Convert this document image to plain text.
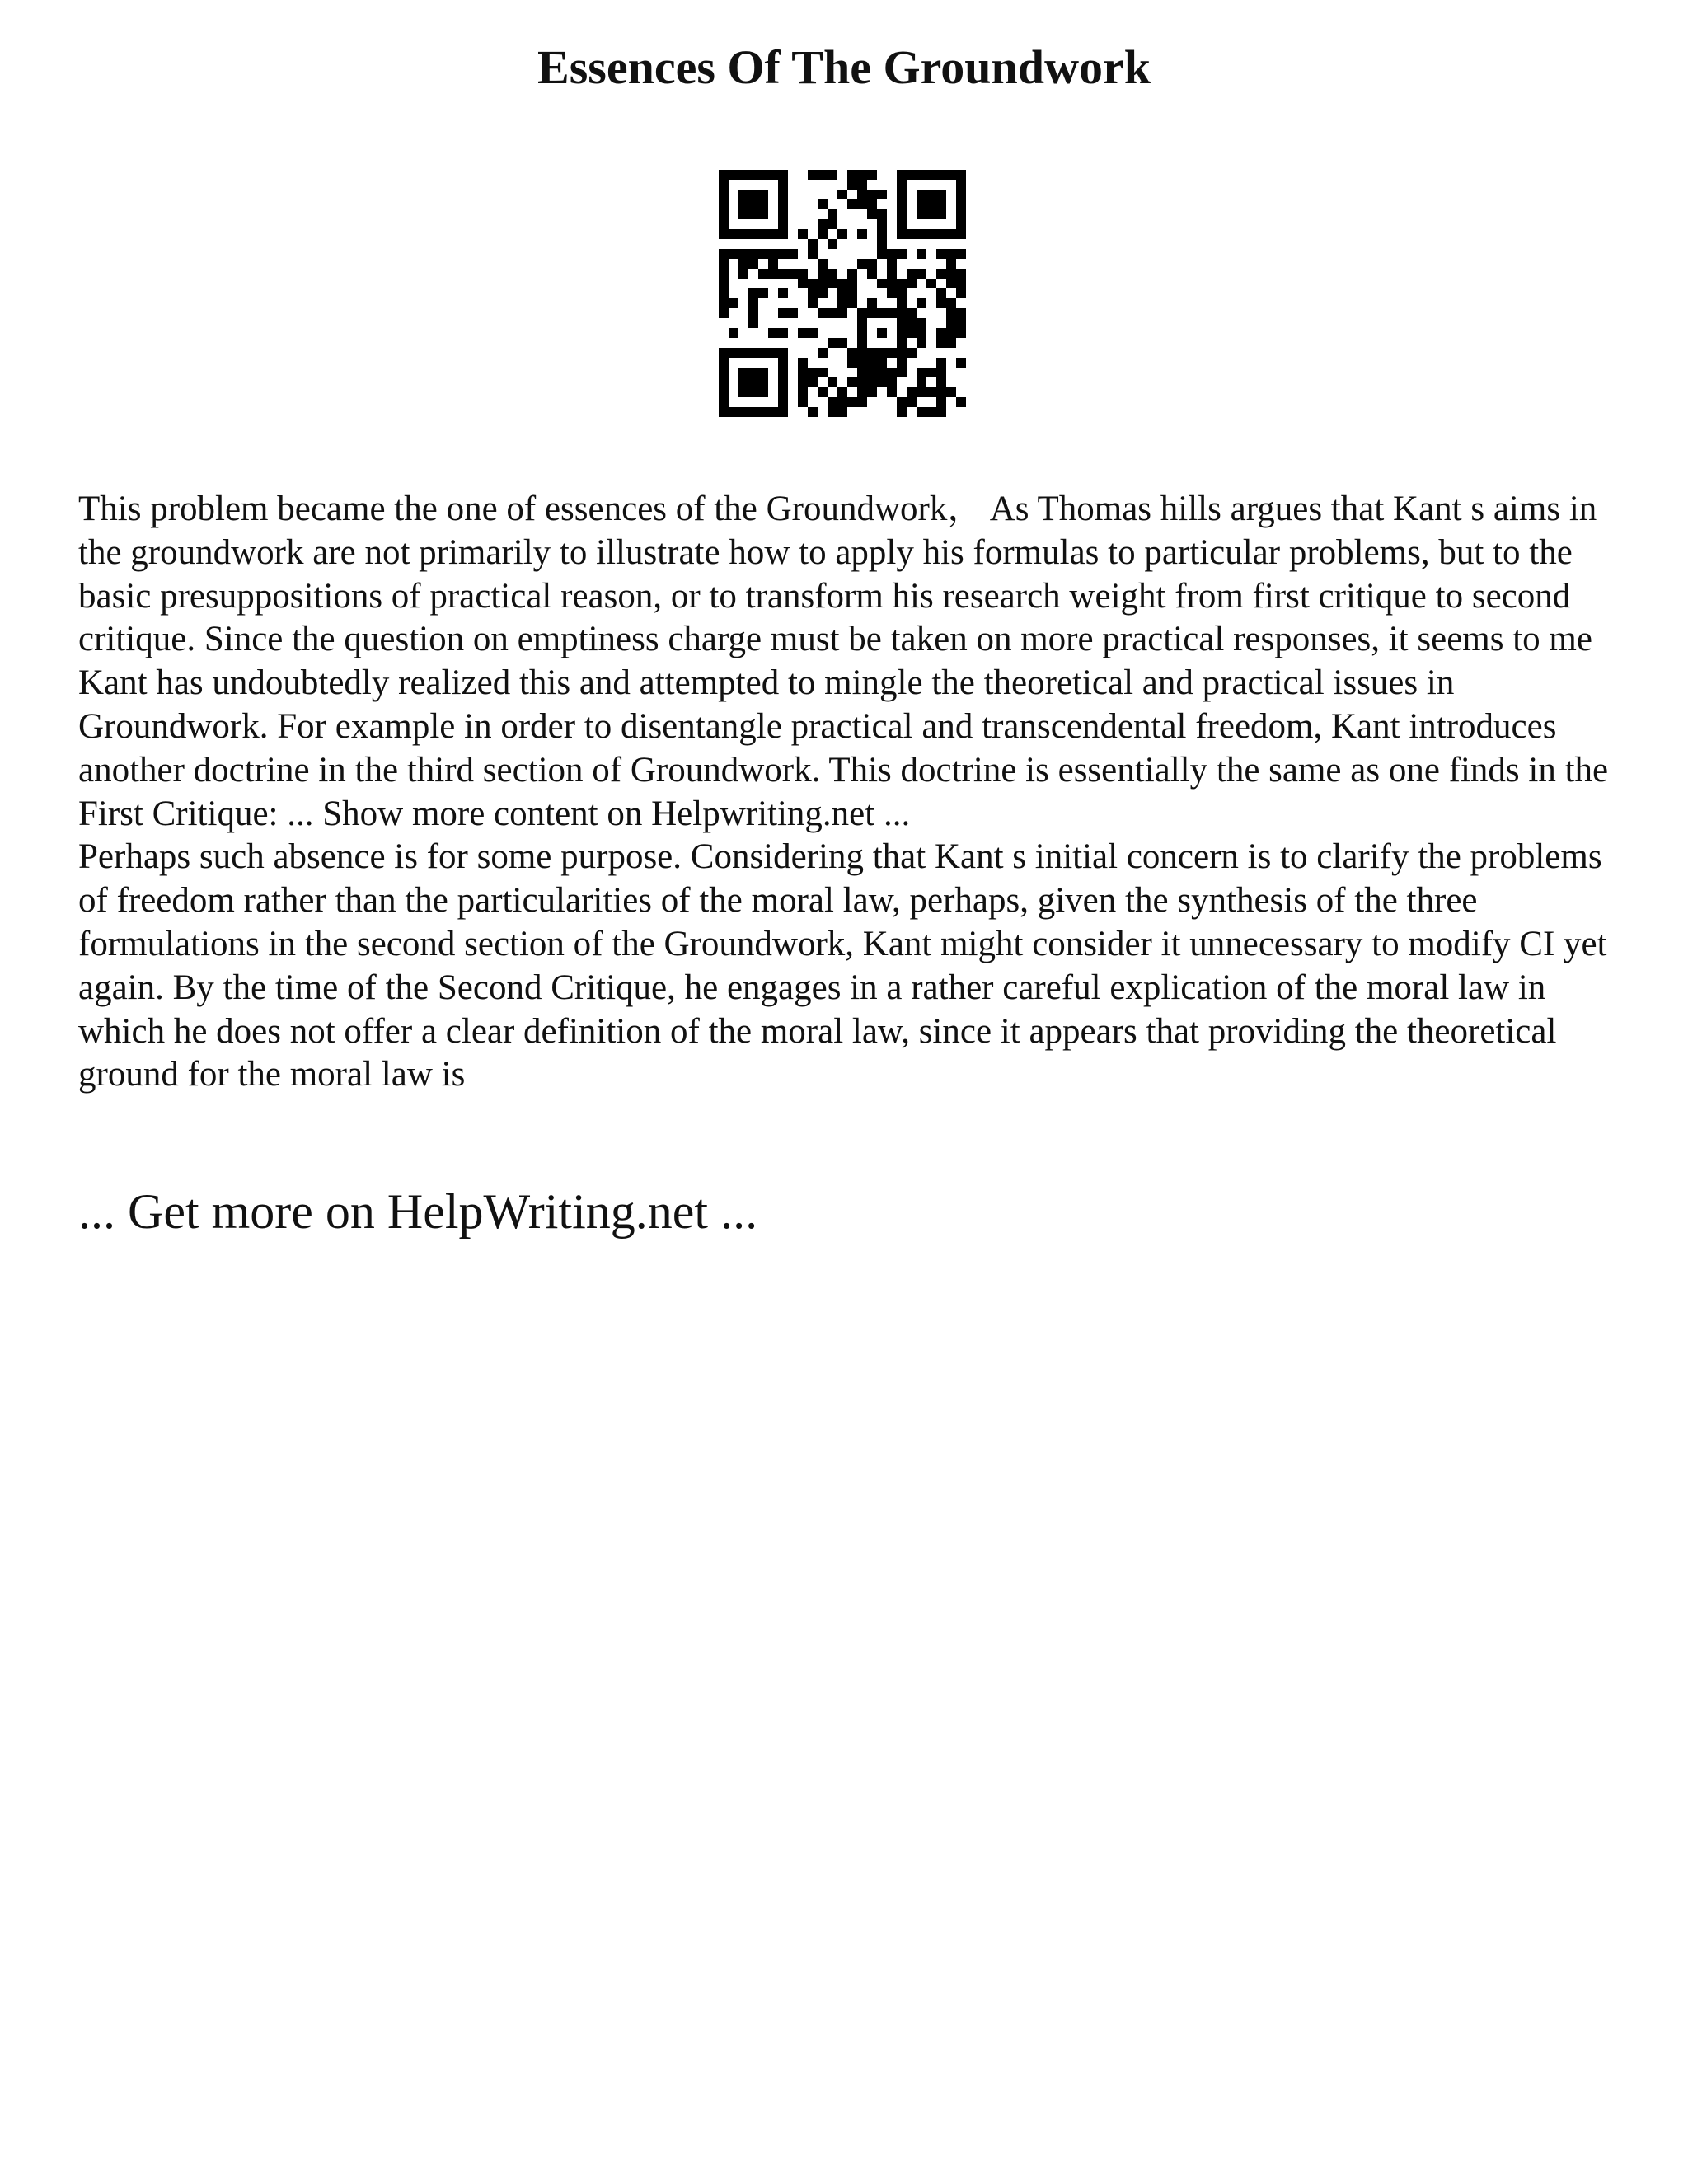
Essences Of The Groundwork

This problem became the one of essences of the Groundwork， As Thomas hills argues that Kant s aims in the groundwork are not primarily to illustrate how to apply his formulas to particular problems, but to the basic presuppositions of practical reason, or to transform his research weight from first critique to second critique. Since the question on emptiness charge must be taken on more practical responses, it seems to me Kant has undoubtedly realized this and attempted to mingle the theoretical and practical issues in Groundwork. For example in order to disentangle practical and transcendental freedom, Kant introduces another doctrine in the third section of Groundwork. This doctrine is essentially the same as one finds in the First Critique: ... Show more content on Helpwriting.net ...

Perhaps such absence is for some purpose. Considering that Kant s initial concern is to clarify the problems of freedom rather than the particularities of the moral law, perhaps, given the synthesis of the three formulations in the second section of the Groundwork, Kant might consider it unnecessary to modify CI yet again. By the time of the Second Critique, he engages in a rather careful explication of the moral law in which he does not offer a clear definition of the moral law, since it appears that providing the theoretical ground for the moral law is

... Get more on HelpWriting.net ...
